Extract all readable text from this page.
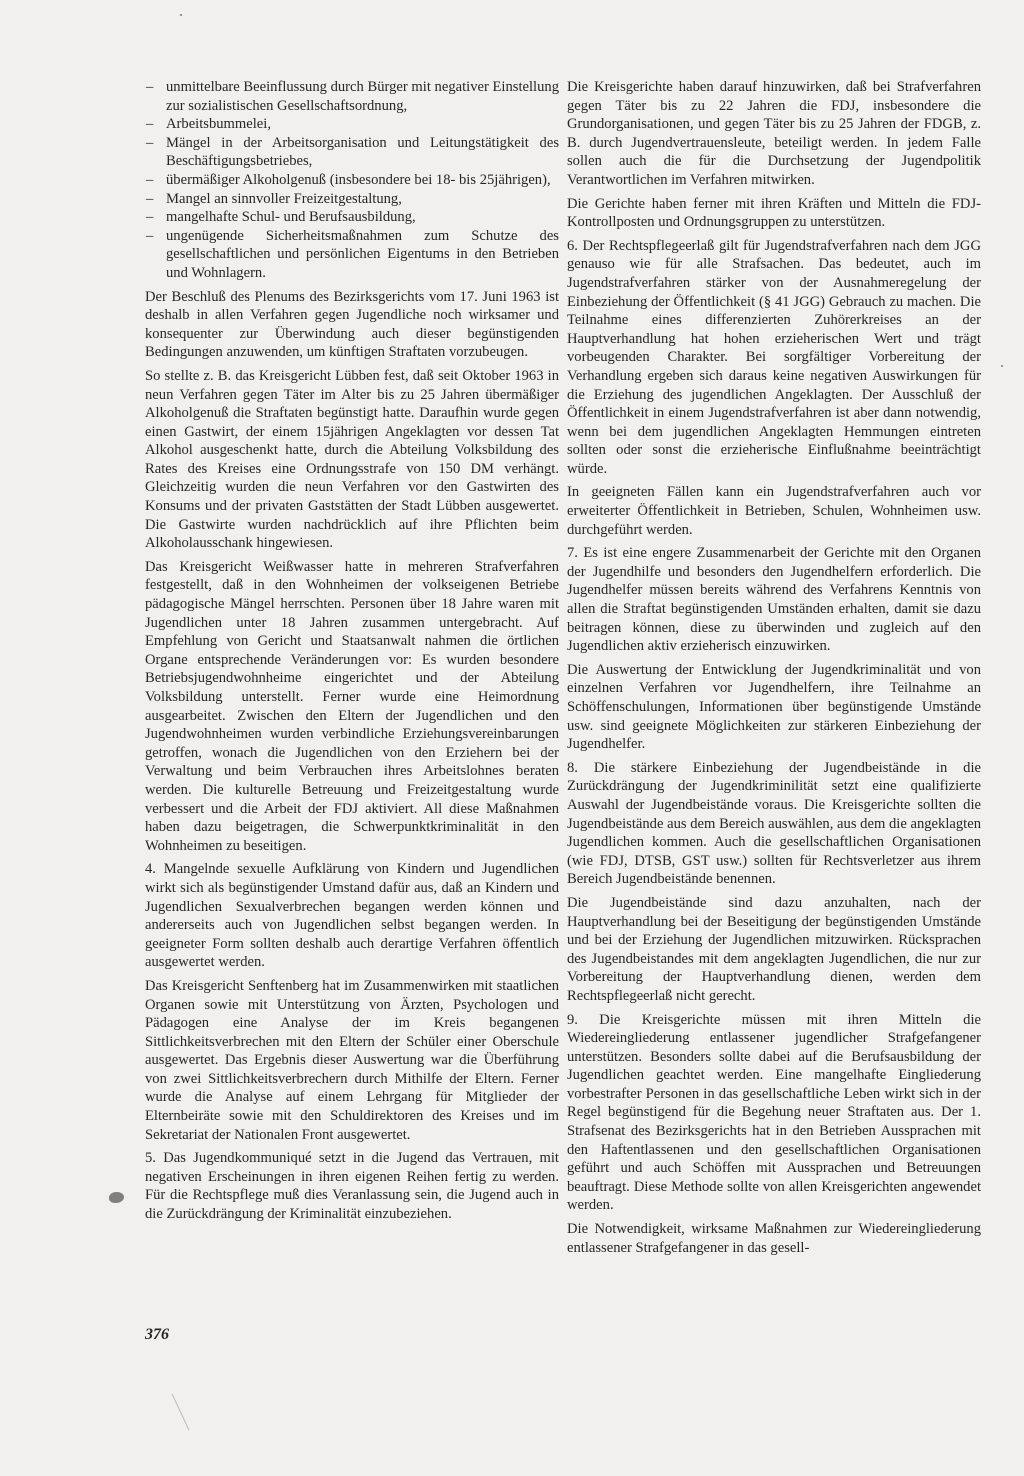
– unmittelbare Beeinflussung durch Bürger mit negativer Einstellung zur sozialistischen Gesellschaftsordnung,
– Arbeitsbummelei,
– Mängel in der Arbeitsorganisation und Leitungstätigkeit des Beschäftigungsbetriebes,
– übermäßiger Alkoholgenuß (insbesondere bei 18- bis 25jährigen),
– Mangel an sinnvoller Freizeitgestaltung,
– mangelhafte Schul- und Berufsausbildung,
– ungenügende Sicherheitsmaßnahmen zum Schutze des gesellschaftlichen und persönlichen Eigentums in den Betrieben und Wohnlagern.

Der Beschluß des Plenums des Bezirksgerichts vom 17. Juni 1963 ist deshalb in allen Verfahren gegen Jugendliche noch wirksamer und konsequenter zur Überwindung auch dieser begünstigenden Bedingungen anzuwenden, um künftigen Straftaten vorzubeugen.

So stellte z. B. das Kreisgericht Lübben fest, daß seit Oktober 1963 in neun Verfahren gegen Täter im Alter bis zu 25 Jahren übermäßiger Alkoholgenuß die Straftaten begünstigt hatte. Daraufhin wurde gegen einen Gastwirt, der einem 15jährigen Angeklagten vor dessen Tat Alkohol ausgeschenkt hatte, durch die Abteilung Volksbildung des Rates des Kreises eine Ordnungsstrafe von 150 DM verhängt. Gleichzeitig wurden die neun Verfahren vor den Gastwirten des Konsums und der privaten Gaststätten der Stadt Lübben ausgewertet. Die Gastwirte wurden nachdrücklich auf ihre Pflichten beim Alkoholausschank hingewiesen.

Das Kreisgericht Weißwasser hatte in mehreren Strafverfahren festgestellt, daß in den Wohnheimen der volkseigenen Betriebe pädagogische Mängel herrschten. Personen über 18 Jahre waren mit Jugendlichen unter 18 Jahren zusammen untergebracht. Auf Empfehlung von Gericht und Staatsanwalt nahmen die örtlichen Organe entsprechende Veränderungen vor: Es wurden besondere Betriebsjugendwohnheime eingerichtet und der Abteilung Volksbildung unterstellt. Ferner wurde eine Heimordnung ausgearbeitet. Zwischen den Eltern der Jugendlichen und den Jugendwohnheimen wurden verbindliche Erziehungsvereinbarungen getroffen, wonach die Jugendlichen von den Erziehern bei der Verwaltung und beim Verbrauchen ihres Arbeitslohnes beraten werden. Die kulturelle Betreuung und Freizeitgestaltung wurde verbessert und die Arbeit der FDJ aktiviert. All diese Maßnahmen haben dazu beigetragen, die Schwerpunktkriminalität in den Wohnheimen zu beseitigen.

4. Mangelnde sexuelle Aufklärung von Kindern und Jugendlichen wirkt sich als begünstigender Umstand dafür aus, daß an Kindern und Jugendlichen Sexualverbrechen begangen werden können und andererseits auch von Jugendlichen selbst begangen werden. In geeigneter Form sollten deshalb auch derartige Verfahren öffentlich ausgewertet werden.

Das Kreisgericht Senftenberg hat im Zusammenwirken mit staatlichen Organen sowie mit Unterstützung von Ärzten, Psychologen und Pädagogen eine Analyse der im Kreis begangenen Sittlichkeitsverbrechen mit den Eltern der Schüler einer Oberschule ausgewertet. Das Ergebnis dieser Auswertung war die Überführung von zwei Sittlichkeitsverbrechern durch Mithilfe der Eltern. Ferner wurde die Analyse auf einem Lehrgang für Mitglieder der Elternbeiräte sowie mit den Schuldirektoren des Kreises und im Sekretariat der Nationalen Front ausgewertet.

5. Das Jugendkommuniqué setzt in die Jugend das Vertrauen, mit negativen Erscheinungen in ihren eigenen Reihen fertig zu werden. Für die Rechtspflege muß dies Veranlassung sein, die Jugend auch in die Zurückdrängung der Kriminalität einzubeziehen.

Die Kreisgerichte haben darauf hinzuwirken, daß bei Strafverfahren gegen Täter bis zu 22 Jahren die FDJ, insbesondere die Grundorganisationen, und gegen Täter bis zu 25 Jahren der FDGB, z. B. durch Jugendvertrauensleute, beteiligt werden. In jedem Falle sollen auch die für die Durchsetzung der Jugendpolitik Verantwortlichen im Verfahren mitwirken.

Die Gerichte haben ferner mit ihren Kräften und Mitteln die FDJ-Kontrollposten und Ordnungsgruppen zu unterstützen.

6. Der Rechtspflegeerlaß gilt für Jugendstrafverfahren nach dem JGG genauso wie für alle Strafsachen. Das bedeutet, auch im Jugendstrafverfahren stärker von der Ausnahmeregelung der Einbeziehung der Öffentlichkeit (§ 41 JGG) Gebrauch zu machen. Die Teilnahme eines differenzierten Zuhörerkreises an der Hauptverhandlung hat hohen erzieherischen Wert und trägt vorbeugenden Charakter. Bei sorgfältiger Vorbereitung der Verhandlung ergeben sich daraus keine negativen Auswirkungen für die Erziehung des jugendlichen Angeklagten. Der Ausschluß der Öffentlichkeit in einem Jugendstrafverfahren ist aber dann notwendig, wenn bei dem jugendlichen Angeklagten Hemmungen eintreten sollten oder sonst die erzieherische Einflußnahme beeinträchtigt würde.

In geeigneten Fällen kann ein Jugendstrafverfahren auch vor erweiterter Öffentlichkeit in Betrieben, Schulen, Wohnheimen usw. durchgeführt werden.

7. Es ist eine engere Zusammenarbeit der Gerichte mit den Organen der Jugendhilfe und besonders den Jugendhelfern erforderlich. Die Jugendhelfer müssen bereits während des Verfahrens Kenntnis von allen die Straftat begünstigenden Umständen erhalten, damit sie dazu beitragen können, diese zu überwinden und zugleich auf den Jugendlichen aktiv erzieherisch einzuwirken.

Die Auswertung der Entwicklung der Jugendkriminalität und von einzelnen Verfahren vor Jugendhelfern, ihre Teilnahme an Schöffenschulungen, Informationen über begünstigende Umstände usw. sind geeignete Möglichkeiten zur stärkeren Einbeziehung der Jugendhelfer.

8. Die stärkere Einbeziehung der Jugendbeistände in die Zurückdrängung der Jugendkriminilität setzt eine qualifizierte Auswahl der Jugendbeistände voraus. Die Kreisgerichte sollten die Jugendbeistände aus dem Bereich auswählen, aus dem die angeklagten Jugendlichen kommen. Auch die gesellschaftlichen Organisationen (wie FDJ, DTSB, GST usw.) sollten für Rechtsverletzer aus ihrem Bereich Jugendbeistände benennen.

Die Jugendbeistände sind dazu anzuhalten, nach der Hauptverhandlung bei der Beseitigung der begünstigenden Umstände und bei der Erziehung der Jugendlichen mitzuwirken. Rücksprachen des Jugendbeistandes mit dem angeklagten Jugendlichen, die nur zur Vorbereitung der Hauptverhandlung dienen, werden dem Rechtspflegeerlaß nicht gerecht.

9. Die Kreisgerichte müssen mit ihren Mitteln die Wiedereingliederung entlassener jugendlicher Strafgefangener unterstützen. Besonders sollte dabei auf die Berufsausbildung der Jugendlichen geachtet werden. Eine mangelhafte Eingliederung vorbestrafter Personen in das gesellschaftliche Leben wirkt sich in der Regel begünstigend für die Begehung neuer Straftaten aus. Der 1. Strafsenat des Bezirksgerichts hat in den Betrieben Aussprachen mit den Haftentlassenen und den gesellschaftlichen Organisationen geführt und auch Schöffen mit Aussprachen und Betreuungen beauftragt. Diese Methode sollte von allen Kreisgerichten angewendet werden.

Die Notwendigkeit, wirksame Maßnahmen zur Wiedereingliederung entlassener Strafgefangener in das gesell-

376
